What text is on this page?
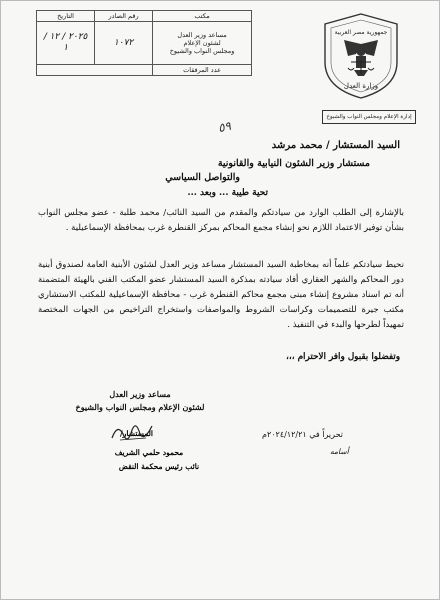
مكتب	رقم الصادر	التاريخ

مساعد وزير العدل
لشئون الإعلام
ومجلس النواب والشيوخ	١٠٧٢	٢٠٢٥ / ١٢ / ١
عدد المرفقات		
جمهورية مصر العربية
وزارة العدل
إدارة الإعلام ومجلس النواب والشيوخ
٥٩
السيد المستشار / محمد مرشد
مستشار وزير الشئون النيابية والقانونية
والتواصل السياسي
تحية طيبة ... وبعد ...
بالإشارة إلى الطلب الوارد من سيادتكم والمقدم من السيد النائب/ محمد طلبة - عضو مجلس النواب بشأن توفير الاعتماد اللازم نحو إنشاء مجمع المحاكم بمركز القنطرة غرب بمحافظة الإسماعيلية .
نحيط سيادتكم علماً أنه بمخاطبة السيد المستشار مساعد وزير العدل لشئون الأبنية العامة لصندوق أبنية دور المحاكم والشهر العقاري أفاد سيادته بمذكرة السيد المستشار عضو المكتب الفني بالهيئة المتضمنة أنه تم اسناد مشروع إنشاء مبنى مجمع محاكم القنطرة غرب - محافظة الإسماعيلية للمكتب الاستشاري مكتب جيرة للتصميمات وكراسات الشروط والمواصفات واستخراج التراخيص من الجهات المختصة تمهيداً لطرحها والبدء في التنفيذ .
وتفضلوا بقبول وافر الاحترام ،،،
مساعد وزير العدل
لشئون الإعلام ومجلس النواب والشيوخ
المستشار/
محمود حلمي الشريف
نائب رئيس محكمة النقض
تحريراً في ٢٠٢٤/١٢/٢١م
أسامه
